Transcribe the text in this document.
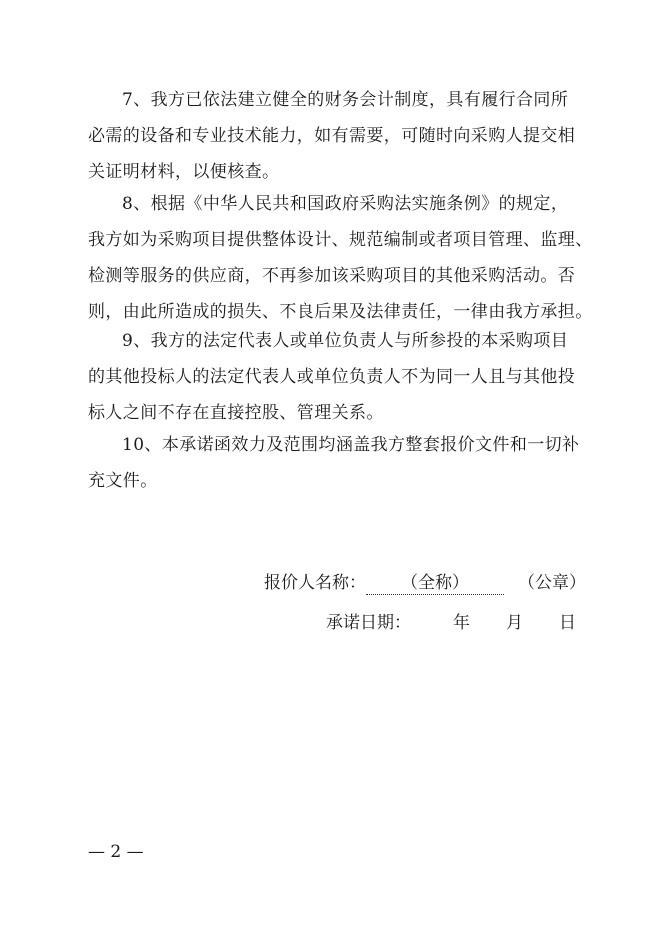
7、我方已依法建立健全的财务会计制度，具有履行合同所
必需的设备和专业技术能力，如有需要，可随时向采购人提交相
关证明材料，以便核查。
8、根据《中华人民共和国政府采购法实施条例》的规定，
我方如为采购项目提供整体设计、规范编制或者项目管理、监理、
检测等服务的供应商，不再参加该采购项目的其他采购活动。否
则，由此所造成的损失、不良后果及法律责任，一律由我方承担。
9、我方的法定代表人或单位负责人与所参投的本采购项目
的其他投标人的法定代表人或单位负责人不为同一人且与其他投
标人之间不存在直接控股、管理关系。
10、本承诺函效力及范围均涵盖我方整套报价文件和一切补
充文件。
报价人名称： （全称）	（公章）
承诺日期： 年 月 日
— 2 —
